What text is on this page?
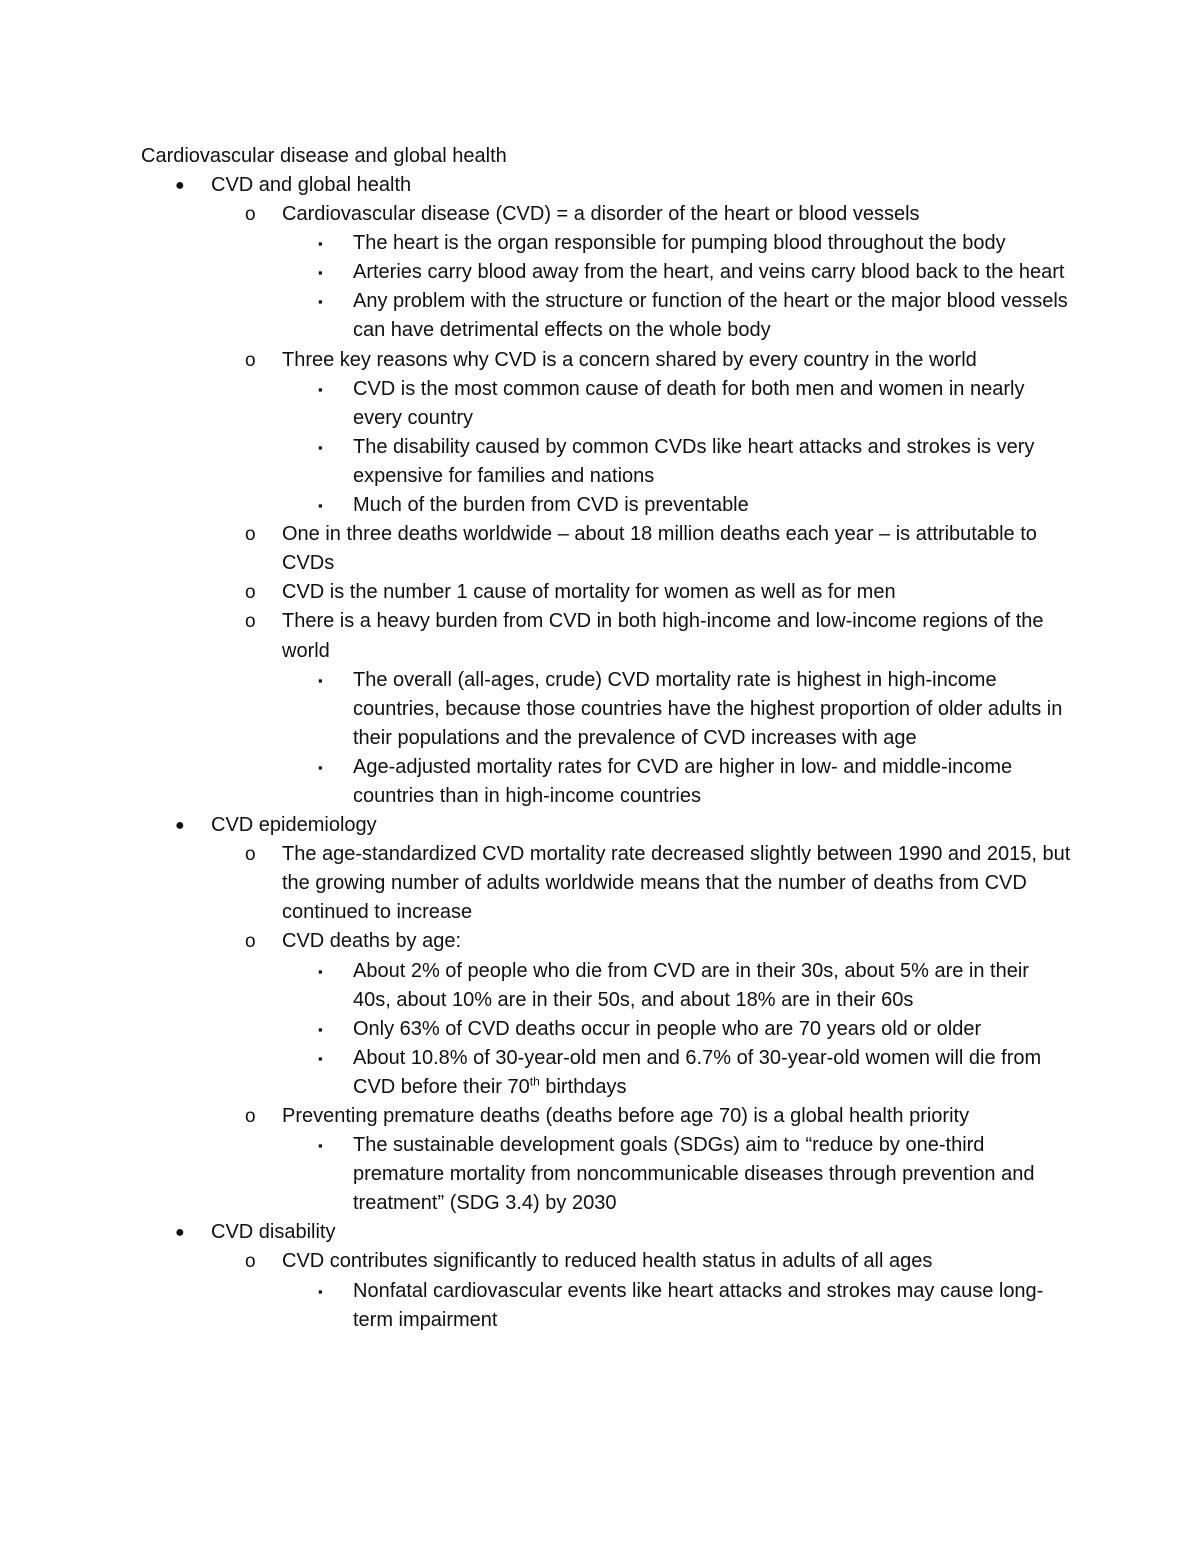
Cardiovascular disease and global health
● CVD and global health
o Cardiovascular disease (CVD) = a disorder of the heart or blood vessels
▪ The heart is the organ responsible for pumping blood throughout the body
▪ Arteries carry blood away from the heart, and veins carry blood back to the heart
▪ Any problem with the structure or function of the heart or the major blood vessels can have detrimental effects on the whole body
o Three key reasons why CVD is a concern shared by every country in the world
▪ CVD is the most common cause of death for both men and women in nearly every country
▪ The disability caused by common CVDs like heart attacks and strokes is very expensive for families and nations
▪ Much of the burden from CVD is preventable
o One in three deaths worldwide – about 18 million deaths each year – is attributable to CVDs
o CVD is the number 1 cause of mortality for women as well as for men
o There is a heavy burden from CVD in both high-income and low-income regions of the world
▪ The overall (all-ages, crude) CVD mortality rate is highest in high-income countries, because those countries have the highest proportion of older adults in their populations and the prevalence of CVD increases with age
▪ Age-adjusted mortality rates for CVD are higher in low- and middle-income countries than in high-income countries
● CVD epidemiology
o The age-standardized CVD mortality rate decreased slightly between 1990 and 2015, but the growing number of adults worldwide means that the number of deaths from CVD continued to increase
o CVD deaths by age:
▪ About 2% of people who die from CVD are in their 30s, about 5% are in their 40s, about 10% are in their 50s, and about 18% are in their 60s
▪ Only 63% of CVD deaths occur in people who are 70 years old or older
▪ About 10.8% of 30-year-old men and 6.7% of 30-year-old women will die from CVD before their 70th birthdays
o Preventing premature deaths (deaths before age 70) is a global health priority
▪ The sustainable development goals (SDGs) aim to “reduce by one-third premature mortality from noncommunicable diseases through prevention and treatment” (SDG 3.4) by 2030
● CVD disability
o CVD contributes significantly to reduced health status in adults of all ages
▪ Nonfatal cardiovascular events like heart attacks and strokes may cause long-term impairment
